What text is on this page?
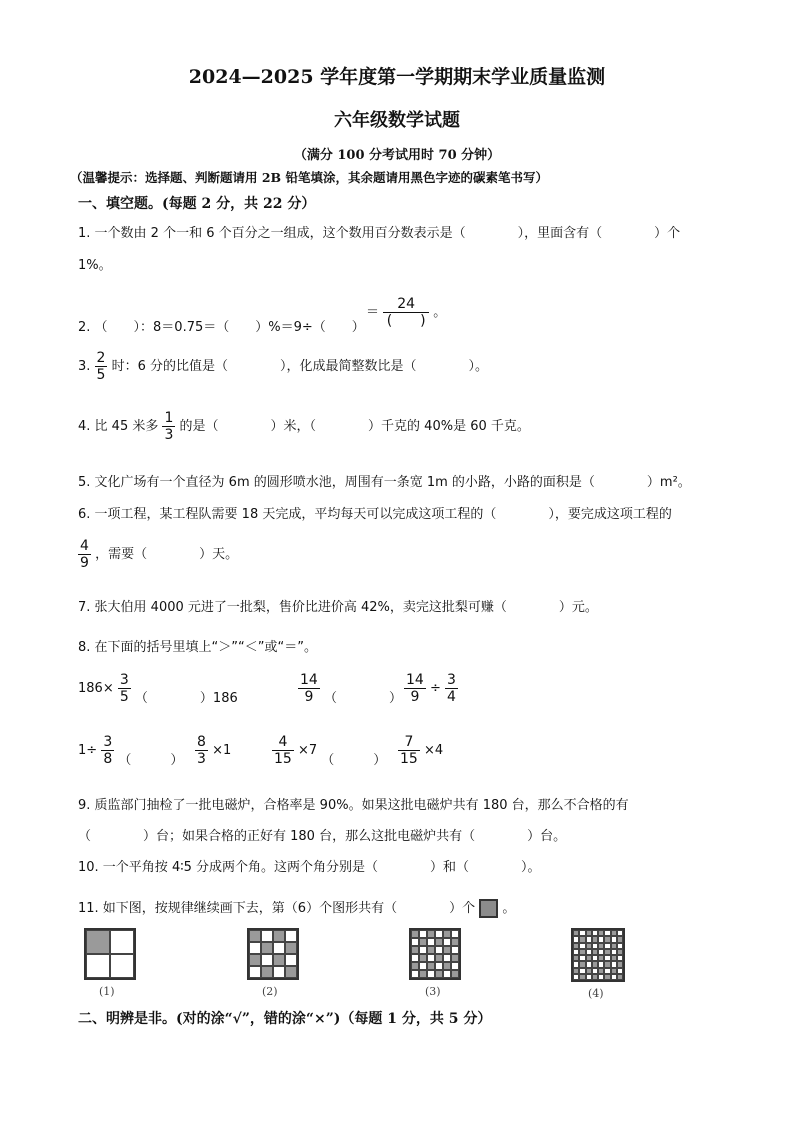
2024—2025 学年度第一学期期末学业质量监测
六年级数学试题
（满分 100 分考试用时 70 分钟）
（温馨提示：选择题、判断题请用 2B 铅笔填涂，其余题请用黑色字迹的碳素笔书写）
一、填空题。(每题 2 分，共 22 分）
1. 一个数由 2 个一和 6 个百分之一组成，这个数用百分数表示是（　　　　），里面含有（　　　　）个
1%。
2. （　　）：8＝0.75＝（　　）%＝9÷（　　）
＝ $\frac{24}{( )}$ 。
3. $\frac{2}{5}$ 时：6 分的比值是（　　　　），化成最简整数比是（　　　　）。
4. 比 45 米多 $\frac{1}{3}$ 的是（　　　　）米，（　　　　）千克的 40%是 60 千克。
5. 文化广场有一个直径为 6m 的圆形喷水池，周围有一条宽 1m 的小路，小路的面积是（　　　　）m²。
6. 一项工程，某工程队需要 18 天完成，平均每天可以完成这项工程的（　　　　），要完成这项工程的
$\frac{4}{9}$ ，需要（　　　　）天。
7. 张大伯用 4000 元进了一批梨，售价比进价高 42%，卖完这批梨可赚（　　　　）元。
8. 在下面的括号里填上“＞”“＜”或“＝”。
$186\times \frac{3}{5}$ （　　　　）186	$\frac{14}{9}$ （　　　　） $\frac{14}{9} \div \frac{3}{4}$
$1\div \frac{3}{8}$ （　　　） $\frac{8}{3} \times 1$	$\frac{4}{15} \times 7$ （　　　） $\frac{7}{15} \times 4$
9. 质监部门抽检了一批电磁炉，合格率是 90%。如果这批电磁炉共有 180 台，那么不合格的有
（　　　　）台；如果合格的正好有 180 台，那么这批电磁炉共有（　　　　）台。
10. 一个平角按 4∶5 分成两个角。这两个角分别是（　　　　）和（　　　　）。
11. 如下图，按规律继续画下去，第（6）个图形共有（　　　　）个 。
(1)	(2)	(3)	(4)
二、明辨是非。(对的涂“√”，错的涂“×”)（每题 1 分，共 5 分）
